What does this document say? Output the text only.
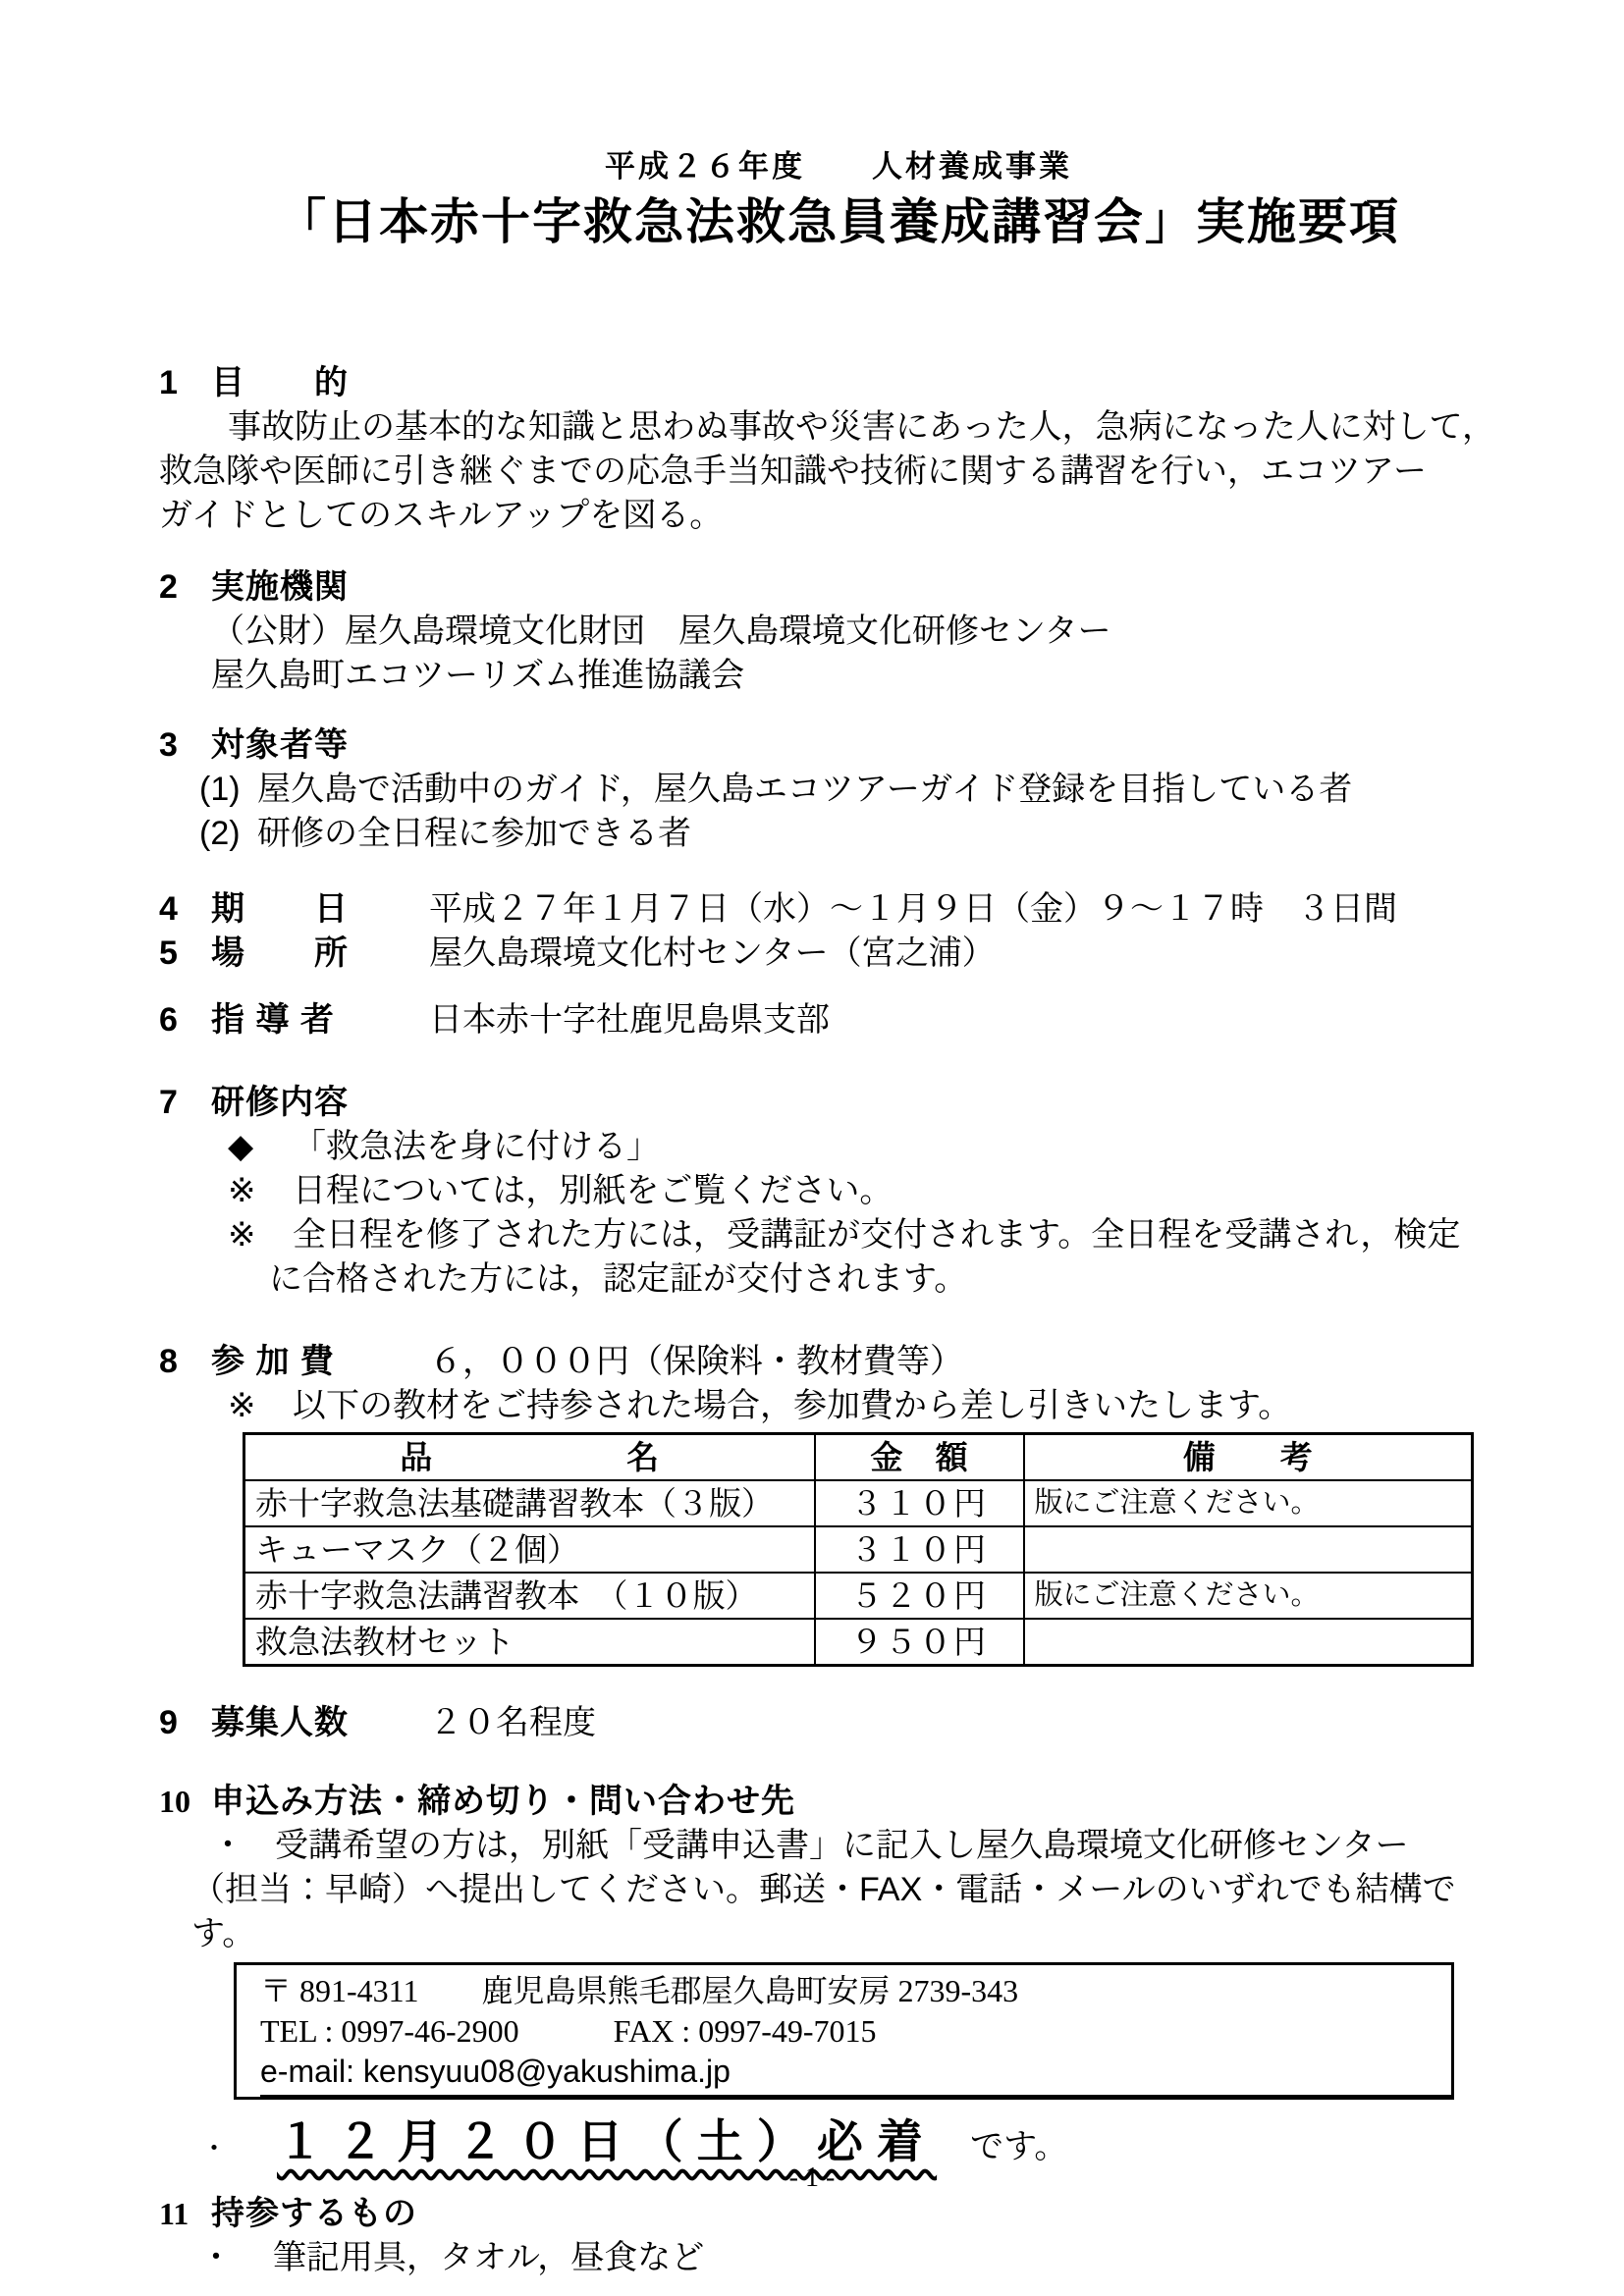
平成２６年度　　人材養成事業
「日本赤十字救急法救急員養成講習会」実施要項
1	目　　的
事故防止の基本的な知識と思わぬ事故や災害にあった人，急病になった人に対して，
救急隊や医師に引き継ぐまでの応急手当知識や技術に関する講習を行い，エコツアー
ガイドとしてのスキルアップを図る。
2	実施機関
（公財）屋久島環境文化財団　屋久島環境文化研修センター
屋久島町エコツーリズム推進協議会
3	対象者等
(1) 屋久島で活動中のガイド，屋久島エコツアーガイド登録を目指している者
(2) 研修の全日程に参加できる者
4	期　　日	平成２７年１月７日（水）～１月９日（金）９～１７時　３日間
5	場　　所	屋久島環境文化村センター（宮之浦）
6	指 導 者	日本赤十字社鹿児島県支部
7	研修内容
◆	「救急法を身に付ける」
※	日程については，別紙をご覧ください。
※	全日程を修了された方には，受講証が交付されます。全日程を受講され，検定
に合格された方には，認定証が交付されます。
8	参 加 費	６，０００円（保険料・教材費等）
※	以下の教材をご持参された場合，参加費から差し引きいたします。
品　　　　　　名	金　額	備　　考
赤十字救急法基礎講習教本（３版）	３１０円	版にご注意ください。
キューマスク（２個）	３１０円	
赤十字救急法講習教本　（１０版）	５２０円	版にご注意ください。
救急法教材セット	９５０円	
9	募集人数	２０名程度
10 申込み方法・締め切り・問い合わせ先
・ 受講希望の方は，別紙「受講申込書」に記入し屋久島環境文化研修センター
（担当：早崎）へ提出してください。郵送・FAX・電話・メールのいずれでも結構です。
〒 891-4311　　鹿児島県熊毛郡屋久島町安房 2739-343
TEL : 0997-46-2900　　　FAX : 0997-49-7015
e-mail: kensyuu08@yakushima.jp
・	１２月２０日（土）必着 です。
11 持参するもの
・	筆記用具，タオル，昼食など
- 1 -
